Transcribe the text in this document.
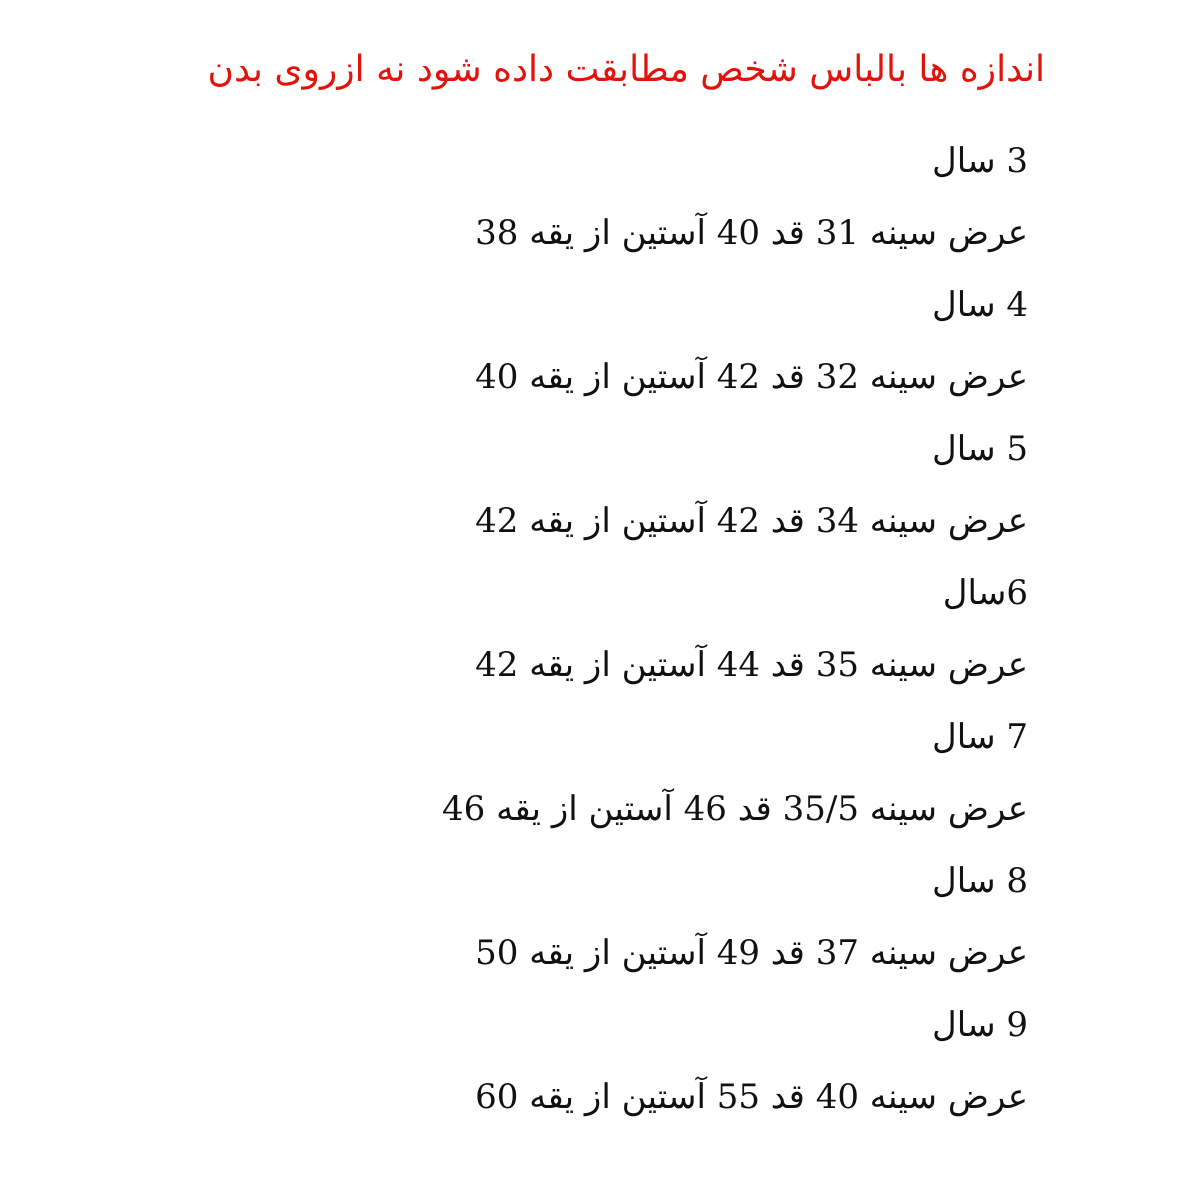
اندازه ها بالباس شخص مطابقت داده شود نه ازروی بدن
3 سال
عرض سینه 31 قد 40 آستین از یقه 38
4 سال
عرض سینه 32 قد 42 آستین از یقه 40
5 سال
عرض سینه 34 قد 42 آستین از یقه 42
6سال
عرض سینه 35 قد 44 آستین از یقه 42
7 سال
عرض سینه 35/5 قد 46 آستین از یقه 46
8 سال
عرض سینه 37 قد 49 آستین از یقه 50
9 سال
عرض سینه 40 قد 55 آستین از یقه 60
